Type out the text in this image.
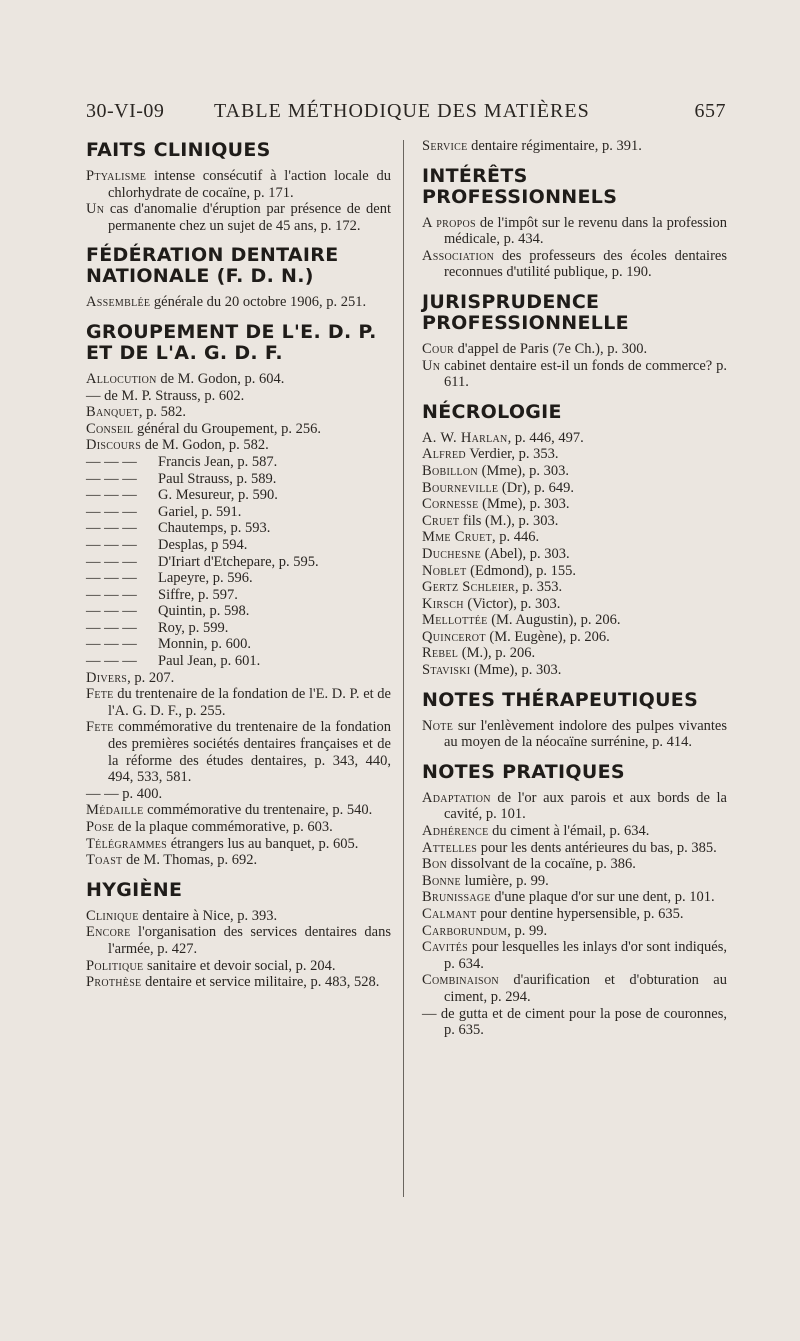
30-VI-09 TABLE MÉTHODIQUE DES MATIÈRES	657
FAITS CLINIQUES

Ptyalisme intense consécutif à l'action locale du chlorhydrate de cocaïne, p. 171.

Un cas d'anomalie d'éruption par présence de dent permanente chez un sujet de 45 ans, p. 172.

FÉDÉRATION DENTAIRE NATIONALE (F. D. N.)

Assemblée générale du 20 octobre 1906, p. 251.

GROUPEMENT DE L'E. D. P. ET DE L'A. G. D. F.

Allocution de M. Godon, p. 604.

— de M. P. Strauss, p. 602.

Banquet, p. 582.

Conseil général du Groupement, p. 256.

Discours de M. Godon, p. 582.

— — — Francis Jean, p. 587.

— — — Paul Strauss, p. 589.

— — — G. Mesureur, p. 590.

— — — Gariel, p. 591.

— — — Chautemps, p. 593.

— — — Desplas, p 594.

— — — D'Iriart d'Etchepare, p. 595.

— — — Lapeyre, p. 596.

— — — Siffre, p. 597.

— — — Quintin, p. 598.

— — — Roy, p. 599.

— — — Monnin, p. 600.

— — — Paul Jean, p. 601.

Divers, p. 207.

Fete du trentenaire de la fondation de l'E. D. P. et de l'A. G. D. F., p. 255.

Fete commémorative du trentenaire de la fondation des premières sociétés dentaires françaises et de la réforme des études dentaires, p. 343, 440, 494, 533, 581.

— — p. 400.

Médaille commémorative du trentenaire, p. 540.

Pose de la plaque commémorative, p. 603.

Télégrammes étrangers lus au banquet, p. 605.

Toast de M. Thomas, p. 692.

HYGIÈNE

Clinique dentaire à Nice, p. 393.

Encore l'organisation des services dentaires dans l'armée, p. 427.

Politique sanitaire et devoir social, p. 204.

Prothèse dentaire et service militaire, p. 483, 528.

Service dentaire régimentaire, p. 391.

INTÉRÊTS PROFESSIONNELS

A propos de l'impôt sur le revenu dans la profession médicale, p. 434.

Association des professeurs des écoles dentaires reconnues d'utilité publique, p. 190.

JURISPRUDENCE PROFESSIONNELLE

Cour d'appel de Paris (7e Ch.), p. 300.

Un cabinet dentaire est-il un fonds de commerce? p. 611.

NÉCROLOGIE

A. W. Harlan, p. 446, 497.

Alfred Verdier, p. 353.

Bobillon (Mme), p. 303.

Bourneville (Dr), p. 649.

Cornesse (Mme), p. 303.

Cruet fils (M.), p. 303.

Mme Cruet, p. 446.

Duchesne (Abel), p. 303.

Noblet (Edmond), p. 155.

Gertz Schleier, p. 353.

Kirsch (Victor), p. 303.

Mellottée (M. Augustin), p. 206.

Quincerot (M. Eugène), p. 206.

Rebel (M.), p. 206.

Staviski (Mme), p. 303.

NOTES THÉRAPEUTIQUES

Note sur l'enlèvement indolore des pulpes vivantes au moyen de la néocaïne surrénine, p. 414.

NOTES PRATIQUES

Adaptation de l'or aux parois et aux bords de la cavité, p. 101.

Adhérence du ciment à l'émail, p. 634.

Attelles pour les dents antérieures du bas, p. 385.

Bon dissolvant de la cocaïne, p. 386.

Bonne lumière, p. 99.

Brunissage d'une plaque d'or sur une dent, p. 101.

Calmant pour dentine hypersensible, p. 635.

Carborundum, p. 99.

Cavités pour lesquelles les inlays d'or sont indiqués, p. 634.

Combinaison d'aurification et d'obturation au ciment, p. 294.

— de gutta et de ciment pour la pose de couronnes, p. 635.
